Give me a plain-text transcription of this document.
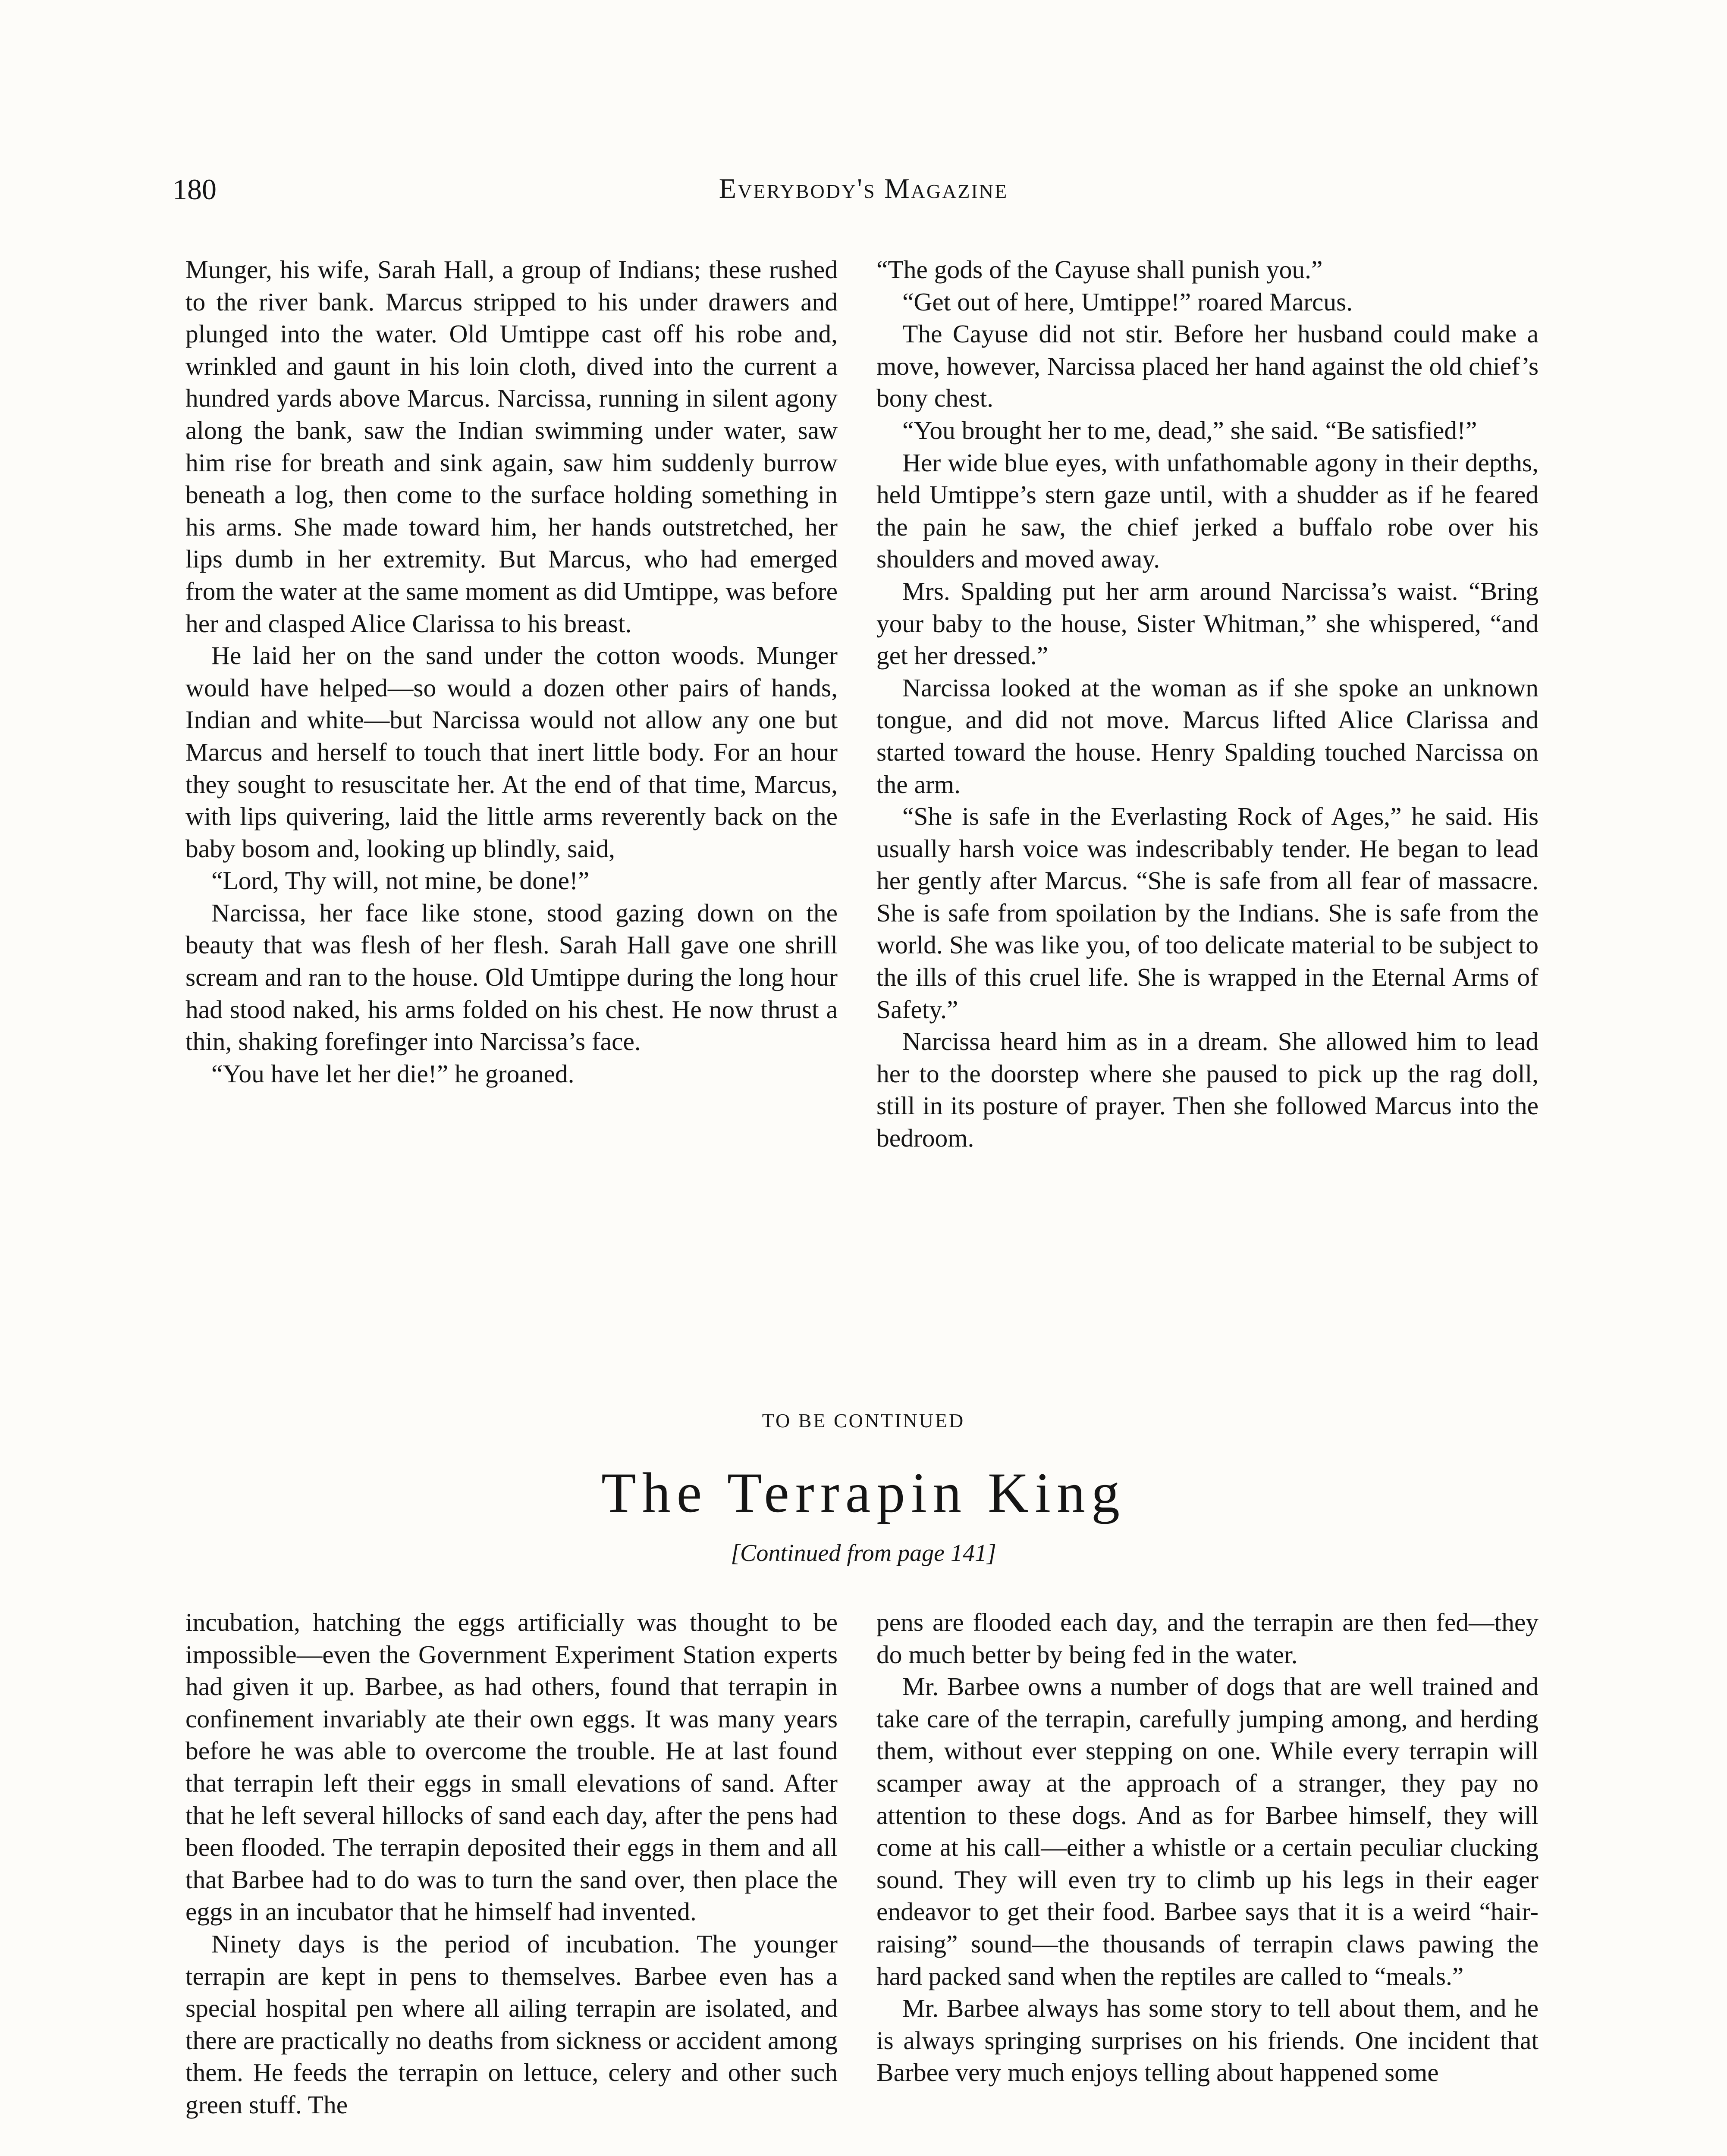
180	Everybody's Magazine

Munger, his wife, Sarah Hall, a group of Indians; these rushed to the river bank. Marcus stripped to his under drawers and plunged into the water. Old Umtippe cast off his robe and, wrinkled and gaunt in his loin cloth, dived into the current a hundred yards above Marcus. Narcissa, running in silent agony along the bank, saw the Indian swimming under water, saw him rise for breath and sink again, saw him suddenly burrow beneath a log, then come to the surface holding something in his arms. She made toward him, her hands outstretched, her lips dumb in her extremity. But Marcus, who had emerged from the water at the same moment as did Umtippe, was before her and clasped Alice Clarissa to his breast.

He laid her on the sand under the cotton woods. Munger would have helped—so would a dozen other pairs of hands, Indian and white—but Narcissa would not allow any one but Marcus and herself to touch that inert little body. For an hour they sought to resuscitate her. At the end of that time, Marcus, with lips quivering, laid the little arms reverently back on the baby bosom and, looking up blindly, said,

“Lord, Thy will, not mine, be done!”

Narcissa, her face like stone, stood gazing down on the beauty that was flesh of her flesh. Sarah Hall gave one shrill scream and ran to the house. Old Umtippe during the long hour had stood naked, his arms folded on his chest. He now thrust a thin, shaking forefinger into Narcissa’s face.

“You have let her die!” he groaned.

“The gods of the Cayuse shall punish you.”

“Get out of here, Umtippe!” roared Marcus.

The Cayuse did not stir. Before her husband could make a move, however, Narcissa placed her hand against the old chief’s bony chest.

“You brought her to me, dead,” she said. “Be satisfied!”

Her wide blue eyes, with unfathomable agony in their depths, held Umtippe’s stern gaze until, with a shudder as if he feared the pain he saw, the chief jerked a buffalo robe over his shoulders and moved away.

Mrs. Spalding put her arm around Narcissa’s waist. “Bring your baby to the house, Sister Whitman,” she whispered, “and get her dressed.”

Narcissa looked at the woman as if she spoke an unknown tongue, and did not move. Marcus lifted Alice Clarissa and started toward the house. Henry Spalding touched Narcissa on the arm.

“She is safe in the Everlasting Rock of Ages,” he said. His usually harsh voice was indescribably tender. He began to lead her gently after Marcus. “She is safe from all fear of massacre. She is safe from spoilation by the Indians. She is safe from the world. She was like you, of too delicate material to be subject to the ills of this cruel life. She is wrapped in the Eternal Arms of Safety.”

Narcissa heard him as in a dream. She allowed him to lead her to the doorstep where she paused to pick up the rag doll, still in its posture of prayer. Then she followed Marcus into the bedroom.

TO BE CONTINUED
The Terrapin King
[Continued from page 141]

incubation, hatching the eggs artificially was thought to be impossible—even the Government Experiment Station experts had given it up. Barbee, as had others, found that terrapin in confinement invariably ate their own eggs. It was many years before he was able to overcome the trouble. He at last found that terrapin left their eggs in small elevations of sand. After that he left several hillocks of sand each day, after the pens had been flooded. The terrapin deposited their eggs in them and all that Barbee had to do was to turn the sand over, then place the eggs in an incubator that he himself had invented.

Ninety days is the period of incubation. The younger terrapin are kept in pens to themselves. Barbee even has a special hospital pen where all ailing terrapin are isolated, and there are practically no deaths from sickness or accident among them. He feeds the terrapin on lettuce, celery and other such green stuff. The

pens are flooded each day, and the terrapin are then fed—they do much better by being fed in the water.

Mr. Barbee owns a number of dogs that are well trained and take care of the terrapin, carefully jumping among, and herding them, without ever stepping on one. While every terrapin will scamper away at the approach of a stranger, they pay no attention to these dogs. And as for Barbee himself, they will come at his call—either a whistle or a certain peculiar clucking sound. They will even try to climb up his legs in their eager endeavor to get their food. Barbee says that it is a weird “hair-raising” sound—the thousands of terrapin claws pawing the hard packed sand when the reptiles are called to “meals.”

Mr. Barbee always has some story to tell about them, and he is always springing surprises on his friends. One incident that Barbee very much enjoys telling about happened some
